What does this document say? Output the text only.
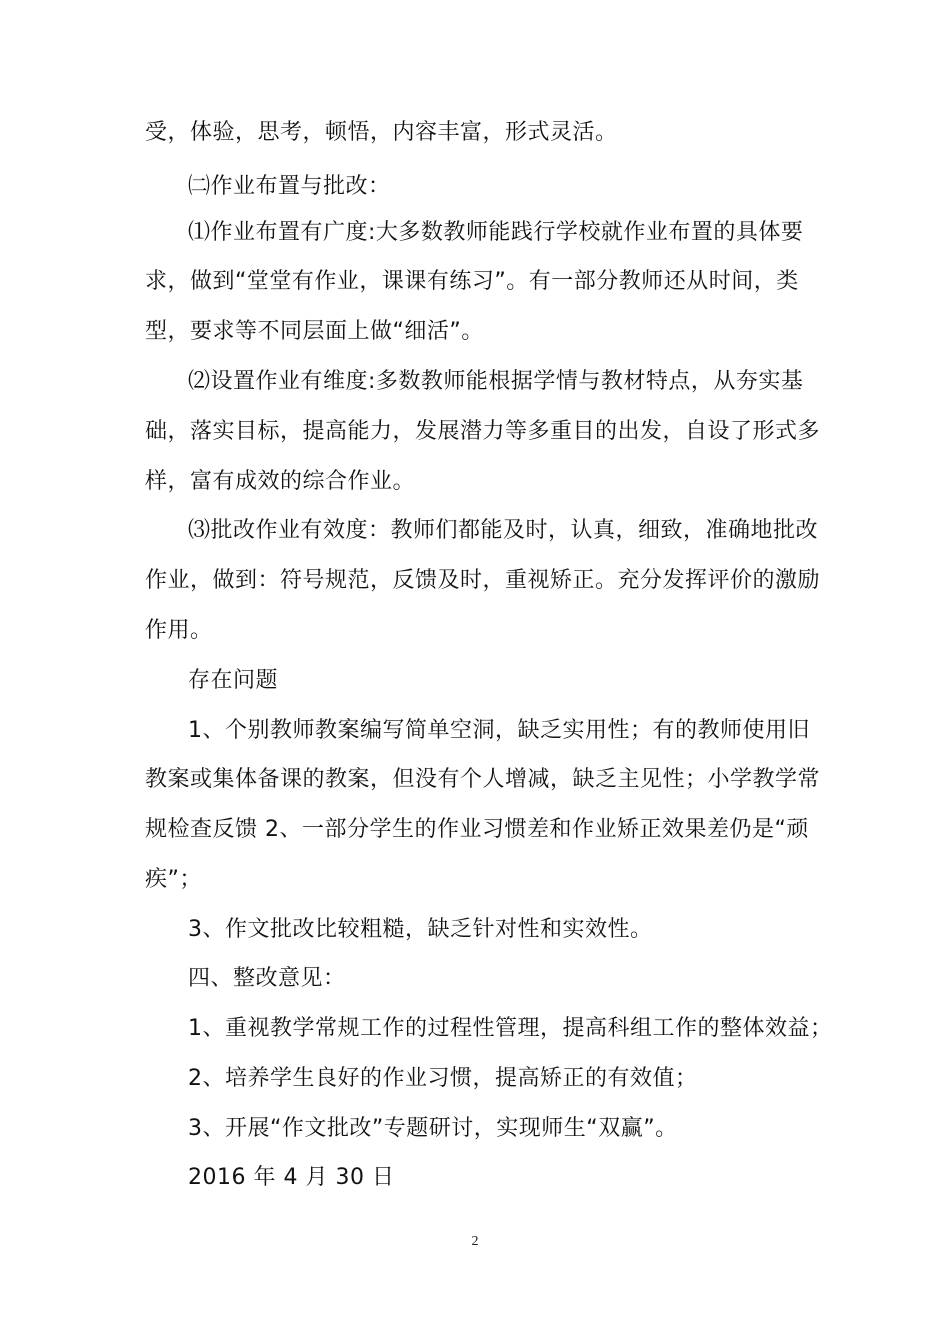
受，体验，思考，顿悟，内容丰富，形式灵活。
㈡作业布置与批改：
⑴作业布置有广度:大多数教师能践行学校就作业布置的具体要
求，做到“堂堂有作业，课课有练习”。有一部分教师还从时间，类
型，要求等不同层面上做“细活”。
⑵设置作业有维度:多数教师能根据学情与教材特点，从夯实基
础，落实目标，提高能力，发展潜力等多重目的出发，自设了形式多
样，富有成效的综合作业。
⑶批改作业有效度：教师们都能及时，认真，细致，准确地批改
作业，做到：符号规范，反馈及时，重视矫正。充分发挥评价的激励
作用。
存在问题
1、个别教师教案编写简单空洞，缺乏实用性；有的教师使用旧
教案或集体备课的教案，但没有个人增减，缺乏主见性；小学教学常
规检查反馈 2、一部分学生的作业习惯差和作业矫正效果差仍是“顽
疾”；
3、作文批改比较粗糙，缺乏针对性和实效性。
四、整改意见：
1、重视教学常规工作的过程性管理，提高科组工作的整体效益；
2、培养学生良好的作业习惯，提高矫正的有效值；
3、开展“作文批改”专题研讨，实现师生“双赢”。
2016 年 4 月 30 日
2
